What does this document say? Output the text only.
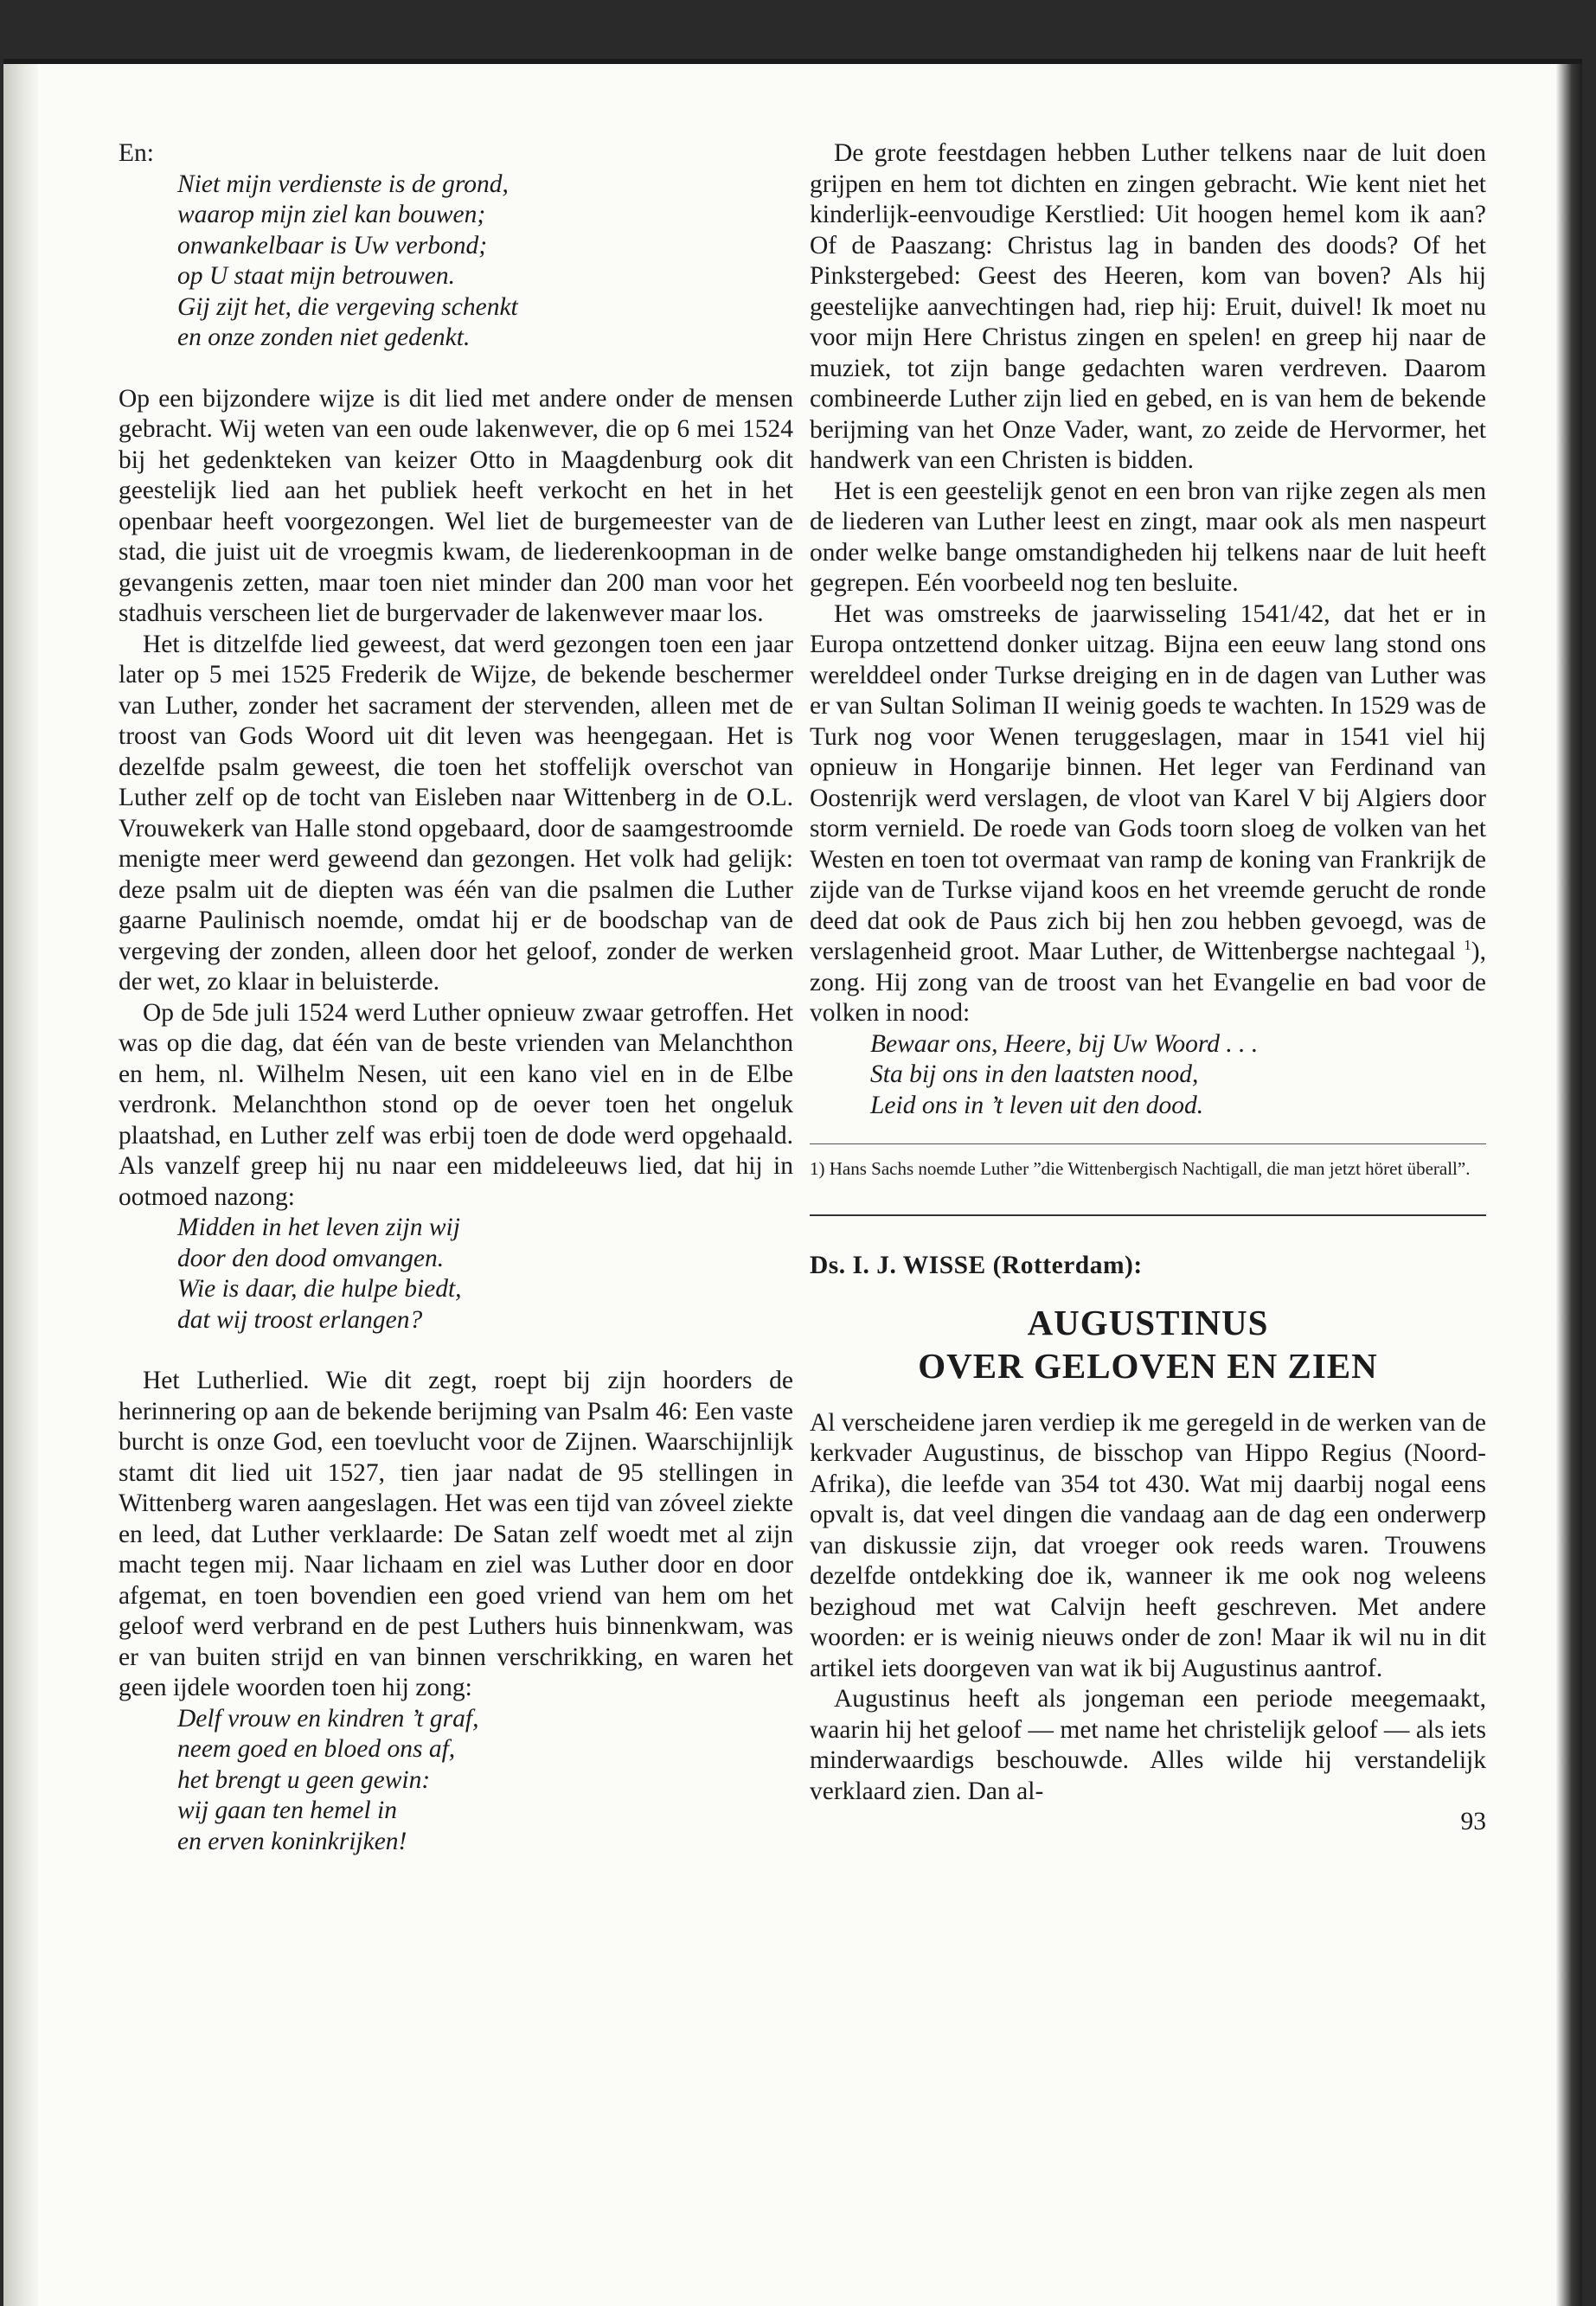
En:

Niet mijn verdienste is de grond,
waarop mijn ziel kan bouwen;
onwankelbaar is Uw verbond;
op U staat mijn betrouwen.
Gij zijt het, die vergeving schenkt
en onze zonden niet gedenkt.

Op een bijzondere wijze is dit lied met andere onder de mensen gebracht. Wij weten van een oude lakenwever, die op 6 mei 1524 bij het gedenkteken van keizer Otto in Maagdenburg ook dit geestelijk lied aan het publiek heeft verkocht en het in het openbaar heeft voorgezongen. Wel liet de burgemeester van de stad, die juist uit de vroegmis kwam, de liederenkoopman in de gevangenis zetten, maar toen niet minder dan 200 man voor het stadhuis verscheen liet de burgervader de lakenwever maar los.

Het is ditzelfde lied geweest, dat werd gezongen toen een jaar later op 5 mei 1525 Frederik de Wijze, de bekende beschermer van Luther, zonder het sacrament der stervenden, alleen met de troost van Gods Woord uit dit leven was heengegaan. Het is dezelfde psalm geweest, die toen het stoffelijk overschot van Luther zelf op de tocht van Eisleben naar Wittenberg in de O.L. Vrouwekerk van Halle stond opgebaard, door de saamgestroomde menigte meer werd geweend dan gezongen. Het volk had gelijk: deze psalm uit de diepten was één van die psalmen die Luther gaarne Paulinisch noemde, omdat hij er de boodschap van de vergeving der zonden, alleen door het geloof, zonder de werken der wet, zo klaar in beluisterde.

Op de 5de juli 1524 werd Luther opnieuw zwaar getroffen. Het was op die dag, dat één van de beste vrienden van Melanchthon en hem, nl. Wilhelm Nesen, uit een kano viel en in de Elbe verdronk. Melanchthon stond op de oever toen het ongeluk plaatshad, en Luther zelf was erbij toen de dode werd opgehaald. Als vanzelf greep hij nu naar een middeleeuws lied, dat hij in ootmoed nazong:

Midden in het leven zijn wij
door den dood omvangen.
Wie is daar, die hulpe biedt,
dat wij troost erlangen?

Het Lutherlied. Wie dit zegt, roept bij zijn hoorders de herinnering op aan de bekende berijming van Psalm 46: Een vaste burcht is onze God, een toevlucht voor de Zijnen. Waarschijnlijk stamt dit lied uit 1527, tien jaar nadat de 95 stellingen in Wittenberg waren aangeslagen. Het was een tijd van zóveel ziekte en leed, dat Luther verklaarde: De Satan zelf woedt met al zijn macht tegen mij. Naar lichaam en ziel was Luther door en door afgemat, en toen bovendien een goed vriend van hem om het geloof werd verbrand en de pest Luthers huis binnenkwam, was er van buiten strijd en van binnen verschrikking, en waren het geen ijdele woorden toen hij zong:

Delf vrouw en kindren ’t graf,
neem goed en bloed ons af,
het brengt u geen gewin:
wij gaan ten hemel in
en erven koninkrijken!

De grote feestdagen hebben Luther telkens naar de luit doen grijpen en hem tot dichten en zingen gebracht. Wie kent niet het kinderlijk-eenvoudige Kerstlied: Uit hoogen hemel kom ik aan? Of de Paaszang: Christus lag in banden des doods? Of het Pinkstergebed: Geest des Heeren, kom van boven? Als hij geestelijke aanvechtingen had, riep hij: Eruit, duivel! Ik moet nu voor mijn Here Christus zingen en spelen! en greep hij naar de muziek, tot zijn bange gedachten waren verdreven. Daarom combineerde Luther zijn lied en gebed, en is van hem de bekende berijming van het Onze Vader, want, zo zeide de Hervormer, het handwerk van een Christen is bidden.

Het is een geestelijk genot en een bron van rijke zegen als men de liederen van Luther leest en zingt, maar ook als men naspeurt onder welke bange omstandigheden hij telkens naar de luit heeft gegrepen. Eén voorbeeld nog ten besluite.

Het was omstreeks de jaarwisseling 1541/42, dat het er in Europa ontzettend donker uitzag. Bijna een eeuw lang stond ons werelddeel onder Turkse dreiging en in de dagen van Luther was er van Sultan Soliman II weinig goeds te wachten. In 1529 was de Turk nog voor Wenen teruggeslagen, maar in 1541 viel hij opnieuw in Hongarije binnen. Het leger van Ferdinand van Oostenrijk werd verslagen, de vloot van Karel V bij Algiers door storm vernield. De roede van Gods toorn sloeg de volken van het Westen en toen tot overmaat van ramp de koning van Frankrijk de zijde van de Turkse vijand koos en het vreemde gerucht de ronde deed dat ook de Paus zich bij hen zou hebben gevoegd, was de verslagenheid groot. Maar Luther, de Wittenbergse nachtegaal $^1$), zong. Hij zong van de troost van het Evangelie en bad voor de volken in nood:

Bewaar ons, Heere, bij Uw Woord . . .
Sta bij ons in den laatsten nood,
Leid ons in ’t leven uit den dood.

1) Hans Sachs noemde Luther ”die Wittenbergisch Nachtigall, die man jetzt höret überall”.

Ds. I. J. WISSE (Rotterdam):

AUGUSTINUS
OVER GELOVEN EN ZIEN

Al verscheidene jaren verdiep ik me geregeld in de werken van de kerkvader Augustinus, de bisschop van Hippo Regius (Noord-Afrika), die leefde van 354 tot 430. Wat mij daarbij nogal eens opvalt is, dat veel dingen die vandaag aan de dag een onderwerp van diskussie zijn, dat vroeger ook reeds waren. Trouwens dezelfde ontdekking doe ik, wanneer ik me ook nog weleens bezighoud met wat Calvijn heeft geschreven. Met andere woorden: er is weinig nieuws onder de zon! Maar ik wil nu in dit artikel iets doorgeven van wat ik bij Augustinus aantrof.

Augustinus heeft als jongeman een periode meegemaakt, waarin hij het geloof — met name het christelijk geloof — als iets minderwaardigs beschouwde. Alles wilde hij verstandelijk verklaard zien. Dan al-

93
